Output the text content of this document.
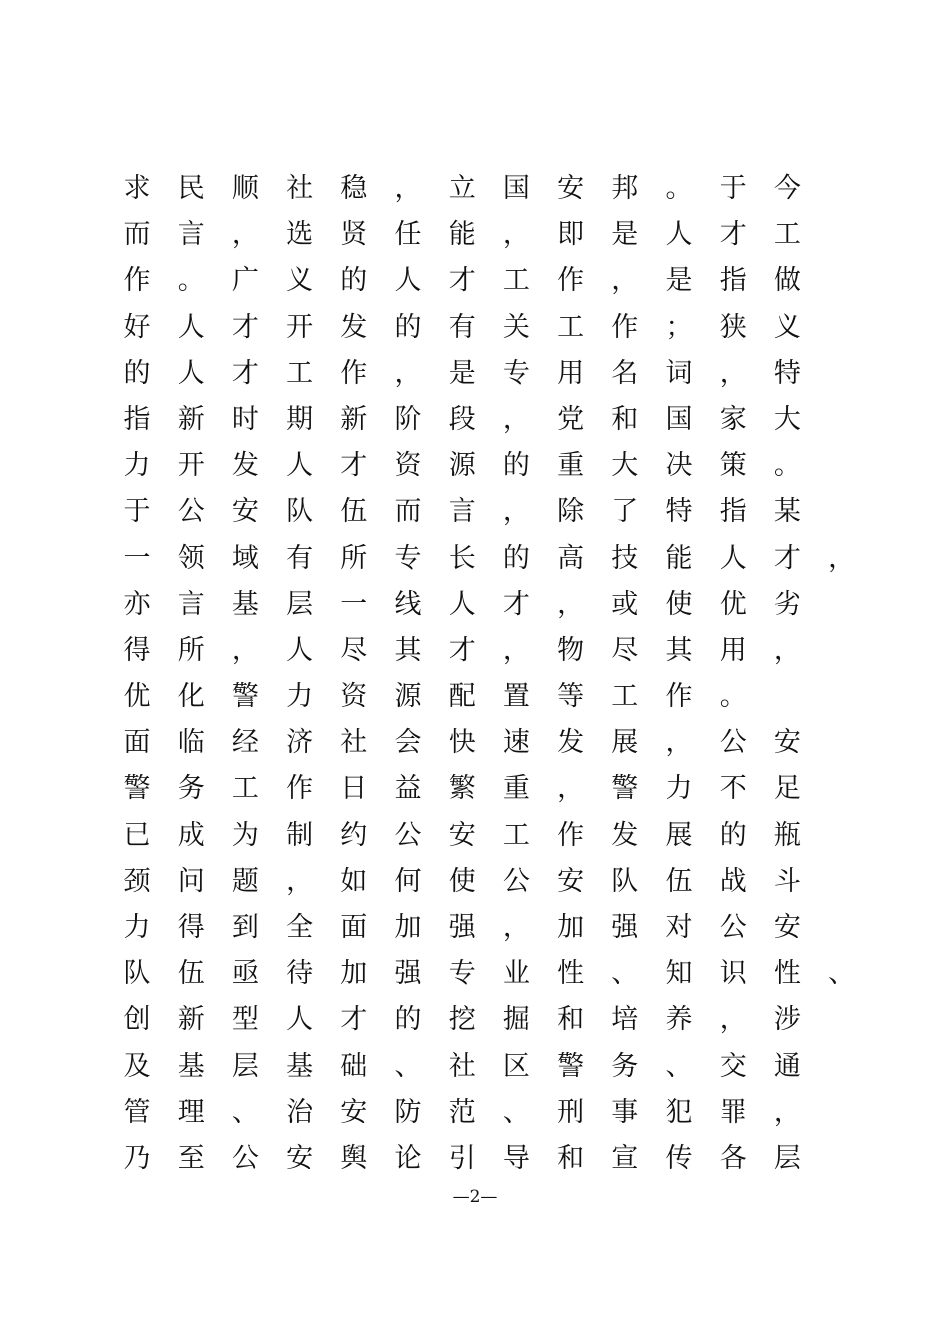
求	民	顺	社	稳	，	立	国	安	邦	。	于	今
而	言	，	选	贤	任	能	，	即	是	人	才	工
作	。	广	义	的	人	才	工	作	，	是	指	做
好	人	才	开	发	的	有	关	工	作	；	狭	义
的	人	才	工	作	，	是	专	用	名	词	，	特
指	新	时	期	新	阶	段	，	党	和	国	家	大
力	开	发	人	才	资	源	的	重	大	决	策	。
于	公	安	队	伍	而	言	，	除	了	特	指	某
一	领	域	有	所	专	长	的	高	技	能	人	才	，
亦	言	基	层	一	线	人	才	，	或	使	优	劣
得	所	，	人	尽	其	才	，	物	尽	其	用	，
优	化	警	力	资	源	配	置	等	工	作	。
面	临	经	济	社	会	快	速	发	展	，	公	安
警	务	工	作	日	益	繁	重	，	警	力	不	足
已	成	为	制	约	公	安	工	作	发	展	的	瓶
颈	问	题	，	如	何	使	公	安	队	伍	战	斗
力	得	到	全	面	加	强	，	加	强	对	公	安
队	伍	亟	待	加	强	专	业	性	、	知	识	性	、
创	新	型	人	才	的	挖	掘	和	培	养	，	涉
及	基	层	基	础	、	社	区	警	务	、	交	通
管	理	、	治	安	防	范	、	刑	事	犯	罪	，
乃	至	公	安	舆	论	引	导	和	宣	传	各	层
—2—
